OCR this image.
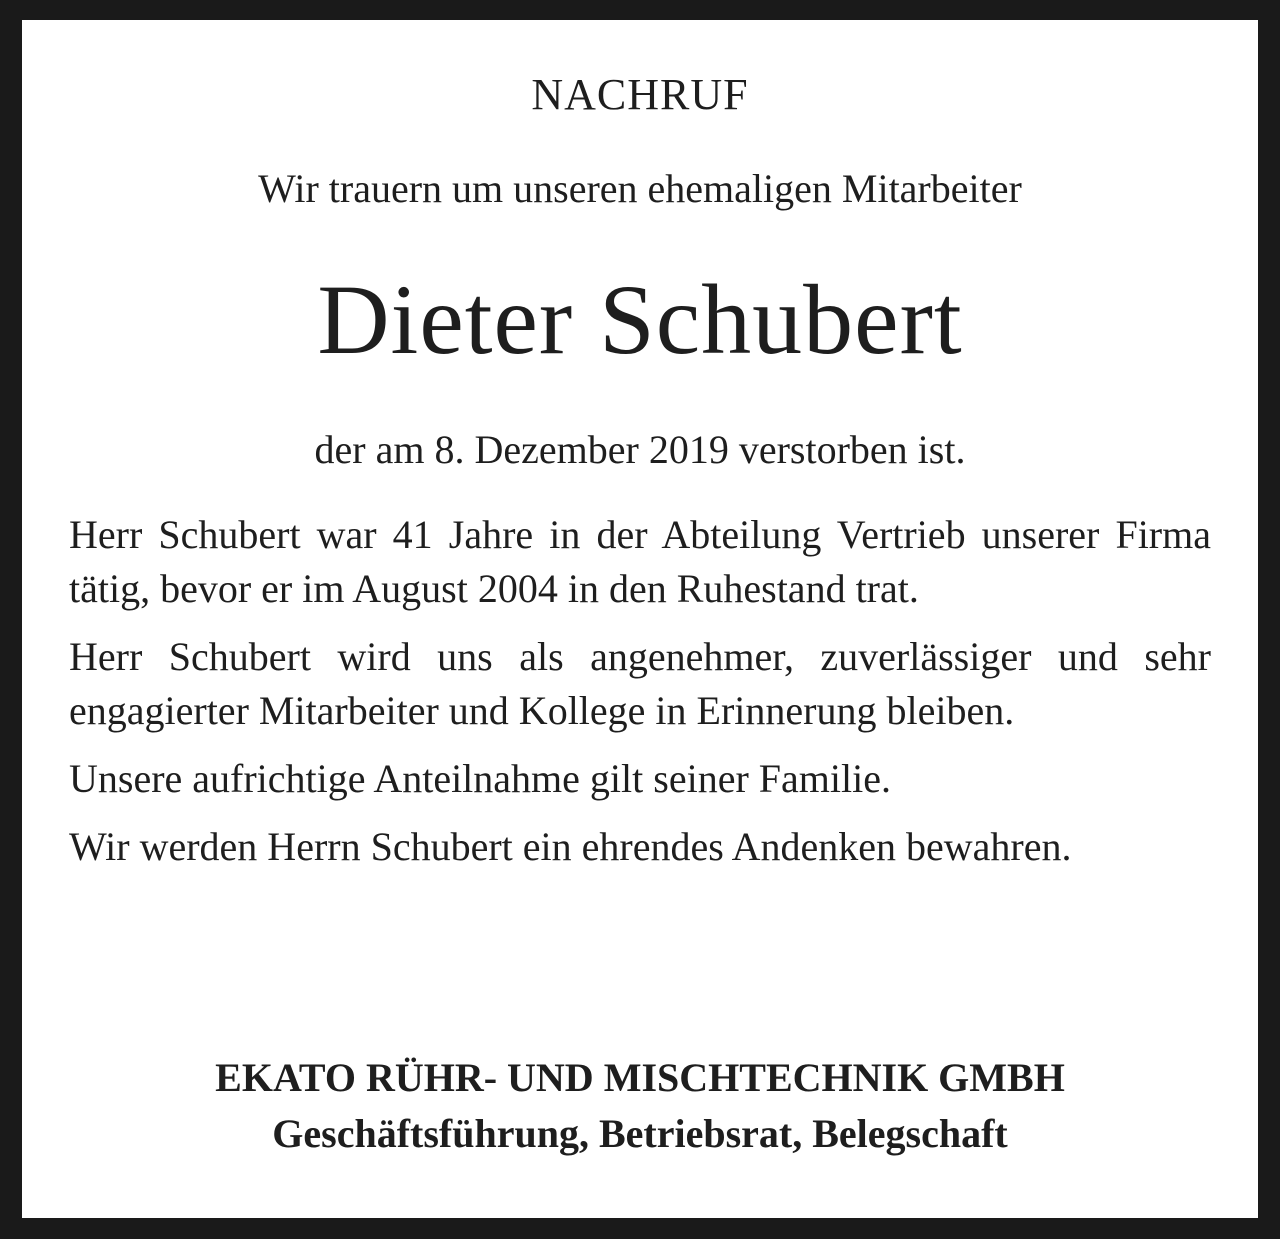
NACHRUF
Wir trauern um unseren ehemaligen Mitarbeiter
Dieter Schubert
der am 8. Dezember 2019 verstorben ist.

Herr Schubert war 41 Jahre in der Abteilung Vertrieb unserer Firma tätig, bevor er im August 2004 in den Ruhestand trat.

Herr Schubert wird uns als angenehmer, zuverlässiger und sehr engagierter Mitarbeiter und Kollege in Erinnerung bleiben.

Unsere aufrichtige Anteilnahme gilt seiner Familie.

Wir werden Herrn Schubert ein ehrendes Andenken bewahren.

EKATO RÜHR- UND MISCHTECHNIK GMBH
Geschäftsführung, Betriebsrat, Belegschaft
